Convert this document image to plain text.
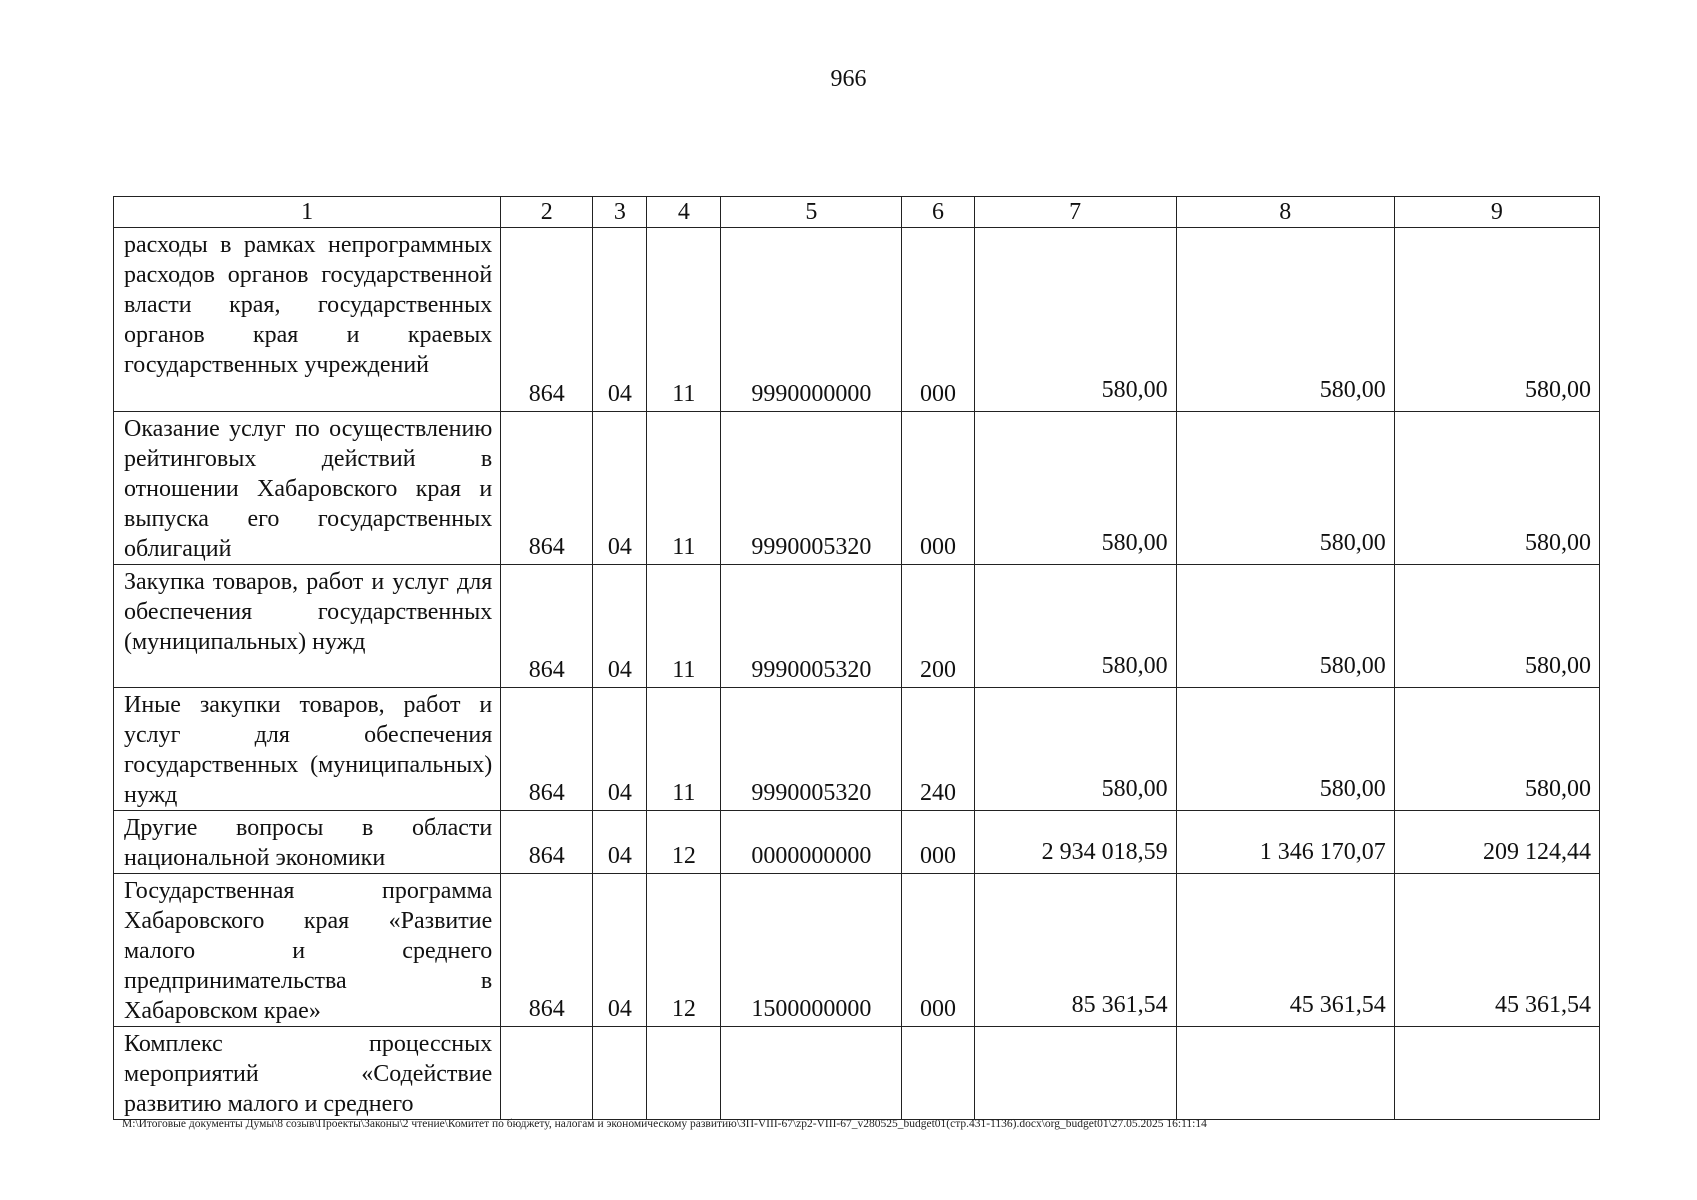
966
1	2	3	4	5	6	7	8	9
расходы в рамках непрограммных расходов органов государственной власти края, государственных органов края и краевых государственных учреждений	864	04	11	9990000000	000	580,00	580,00	580,00
Оказание услуг по осуществлению рейтинговых действий в отношении Хабаровского края и выпуска его государственных облигаций	864	04	11	9990005320	000	580,00	580,00	580,00
Закупка товаров, работ и услуг для обеспечения государственных (муниципальных) нужд	864	04	11	9990005320	200	580,00	580,00	580,00
Иные закупки товаров, работ и услуг для обеспечения государственных (муниципальных) нужд	864	04	11	9990005320	240	580,00	580,00	580,00
Другие вопросы в области национальной экономики	864	04	12	0000000000	000	2 934 018,59	1 346 170,07	209 124,44
Государственная программа Хабаровского края «Развитие малого и среднего предпринимательства в Хабаровском крае»	864	04	12	1500000000	000	85 361,54	45 361,54	45 361,54
Комплекс процессных мероприятий «Содействие развитию малого и среднего								
M:\Итоговые документы Думы\8 созыв\Проекты\Законы\2 чтение\Комитет по бюджету, налогам и экономическому развитию\ЗП-VIII-67\zp2-VIII-67_v280525_budget01(стр.431-1136).docx\org_budget01\27.05.2025 16:11:14
